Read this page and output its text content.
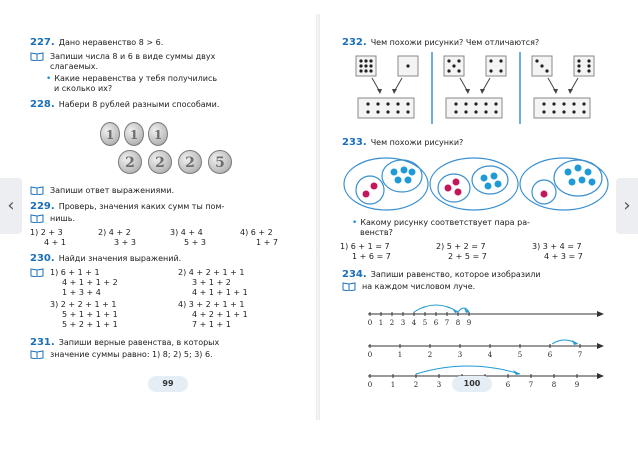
227. Дано неравенство 8 > 6.
Запиши числа 8 и 6 в виде суммы двух
слагаемых.
• Какие неравенства у тебя получились
и сколько их?
228. Набери 8 рублей разными способами.
1	1	1
2	2	2	5
Запиши ответ выражениями.
229. Проверь, значения каких сумм ты пом-
нишь.
1) 2 + 3
4 + 1
2) 4 + 2
3 + 3
3) 4 + 4
5 + 3
4) 6 + 2
1 + 7
230. Найди значения выражений.
1) 6 + 1 + 1
4 + 1 + 1 + 2
1 + 3 + 4
3) 2 + 2 + 1 + 1
5 + 1 + 1 + 1
5 + 2 + 1 + 1
2) 4 + 2 + 1 + 1
3 + 1 + 2
4 + 1 + 1 + 1
4) 3 + 2 + 1 + 1
4 + 2 + 1 + 1
7 + 1 + 1
231. Запиши верные равенства, в которых
значение суммы равно: 1) 8; 2) 5; 3) 6.
99
232. Чем похожи рисунки? Чем отличаются?
233. Чем похожи рисунки?
• Какому рисунку соответствует пара ра-
венств?
1) 6 + 1 = 7
1 + 6 = 7
2) 5 + 2 = 7
2 + 5 = 7
3) 3 + 4 = 7
4 + 3 = 7
234. Запиши равенство, которое изобразили
на каждом числовом луче.
0 1 2 3 4 5 6 7 8 9
0	1	2	3	4	5	6	7
0	1	2	3	6	7	8	9
100
‹	›
